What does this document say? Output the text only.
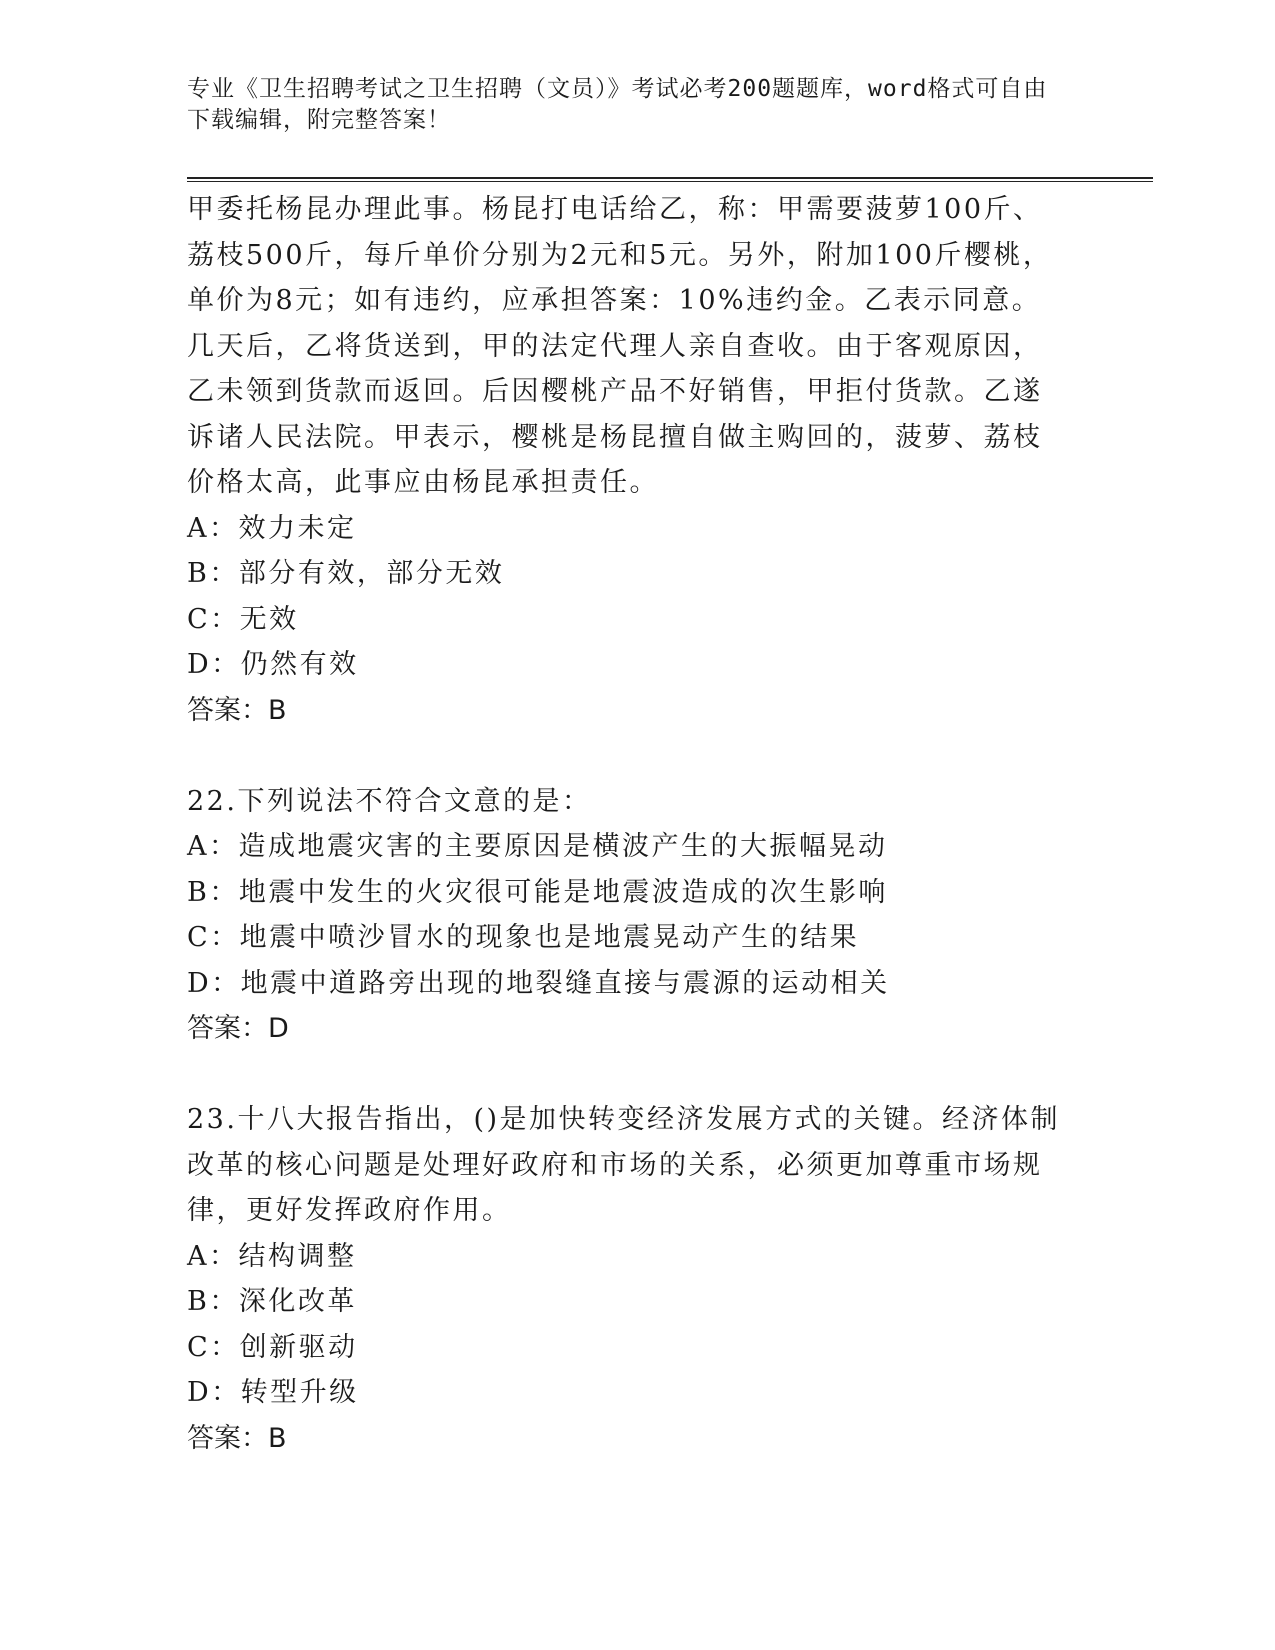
专业《卫生招聘考试之卫生招聘（文员）》考试必考200题题库，word格式可自由下载编辑，附完整答案！

甲委托杨昆办理此事。杨昆打电话给乙，称：甲需要菠萝100斤、荔枝500斤，每斤单价分别为2元和5元。另外，附加100斤樱桃，单价为8元；如有违约，应承担答案：10%违约金。乙表示同意。几天后，乙将货送到，甲的法定代理人亲自查收。由于客观原因，乙未领到货款而返回。后因樱桃产品不好销售，甲拒付货款。乙遂诉诸人民法院。甲表示，樱桃是杨昆擅自做主购回的，菠萝、荔枝价格太高，此事应由杨昆承担责任。

A：效力未定

B：部分有效，部分无效

C：无效

D：仍然有效

答案：B

22.下列说法不符合文意的是：

A：造成地震灾害的主要原因是横波产生的大振幅晃动

B：地震中发生的火灾很可能是地震波造成的次生影响

C：地震中喷沙冒水的现象也是地震晃动产生的结果

D：地震中道路旁出现的地裂缝直接与震源的运动相关

答案：D

23.十八大报告指出，()是加快转变经济发展方式的关键。经济体制改革的核心问题是处理好政府和市场的关系，必须更加尊重市场规律，更好发挥政府作用。

A：结构调整

B：深化改革

C：创新驱动

D：转型升级

答案：B
